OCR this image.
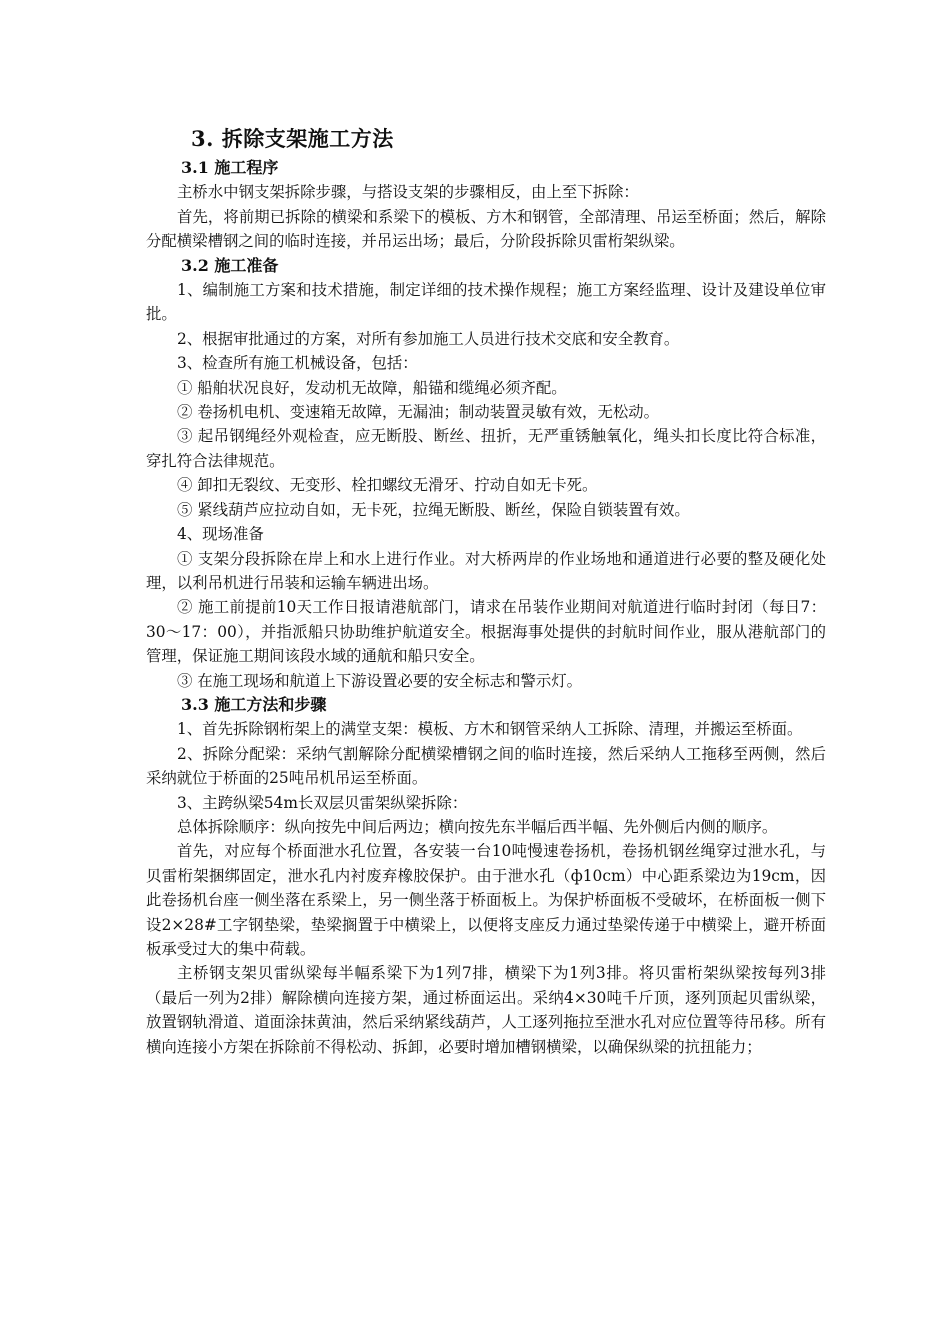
3. 拆除支架施工方法
3.1 施工程序

主桥水中钢支架拆除步骤，与搭设支架的步骤相反，由上至下拆除：

首先，将前期已拆除的横梁和系梁下的模板、方木和钢管，全部清理、吊运至桥面；然后，解除分配横梁槽钢之间的临时连接，并吊运出场；最后，分阶段拆除贝雷桁架纵梁。

3.2 施工准备

1、编制施工方案和技术措施，制定详细的技术操作规程；施工方案经监理、设计及建设单位审批。

2、根据审批通过的方案，对所有参加施工人员进行技术交底和安全教育。

3、检查所有施工机械设备，包括：

① 船舶状况良好，发动机无故障，船锚和缆绳必须齐配。

② 卷扬机电机、变速箱无故障，无漏油；制动装置灵敏有效，无松动。

③ 起吊钢绳经外观检查，应无断股、断丝、扭折，无严重锈触氧化，绳头扣长度比符合标准，穿扎符合法律规范。

④ 卸扣无裂纹、无变形、栓扣螺纹无滑牙、拧动自如无卡死。

⑤ 紧线葫芦应拉动自如，无卡死，拉绳无断股、断丝，保险自锁装置有效。

4、现场准备

① 支架分段拆除在岸上和水上进行作业。对大桥两岸的作业场地和通道进行必要的整及硬化处理，以利吊机进行吊装和运输车辆进出场。

② 施工前提前10天工作日报请港航部门，请求在吊装作业期间对航道进行临时封闭（每日7：30～17：00），并指派船只协助维护航道安全。根据海事处提供的封航时间作业，服从港航部门的管理，保证施工期间该段水域的通航和船只安全。

③ 在施工现场和航道上下游设置必要的安全标志和警示灯。

3.3 施工方法和步骤

1、首先拆除钢桁架上的满堂支架：模板、方木和钢管采纳人工拆除、清理，并搬运至桥面。

2、拆除分配梁：采纳气割解除分配横梁槽钢之间的临时连接，然后采纳人工拖移至两侧，然后采纳就位于桥面的25吨吊机吊运至桥面。

3、主跨纵梁54m长双层贝雷架纵梁拆除：

总体拆除顺序：纵向按先中间后两边；横向按先东半幅后西半幅、先外侧后内侧的顺序。

首先，对应每个桥面泄水孔位置，各安装一台10吨慢速卷扬机，卷扬机钢丝绳穿过泄水孔，与贝雷桁架捆绑固定，泄水孔内衬废弃橡胶保护。由于泄水孔（ф10cm）中心距系梁边为19cm，因此卷扬机台座一侧坐落在系梁上，另一侧坐落于桥面板上。为保护桥面板不受破坏，在桥面板一侧下设2×28#工字钢垫梁，垫梁搁置于中横梁上，以便将支座反力通过垫梁传递于中横梁上，避开桥面板承受过大的集中荷载。

主桥钢支架贝雷纵梁每半幅系梁下为1列7排，横梁下为1列3排。将贝雷桁架纵梁按每列3排（最后一列为2排）解除横向连接方架，通过桥面运出。采纳4×30吨千斤顶，逐列顶起贝雷纵梁，放置钢轨滑道、道面涂抹黄油，然后采纳紧线葫芦，人工逐列拖拉至泄水孔对应位置等待吊移。所有横向连接小方架在拆除前不得松动、拆卸，必要时增加槽钢横梁，以确保纵梁的抗扭能力；
